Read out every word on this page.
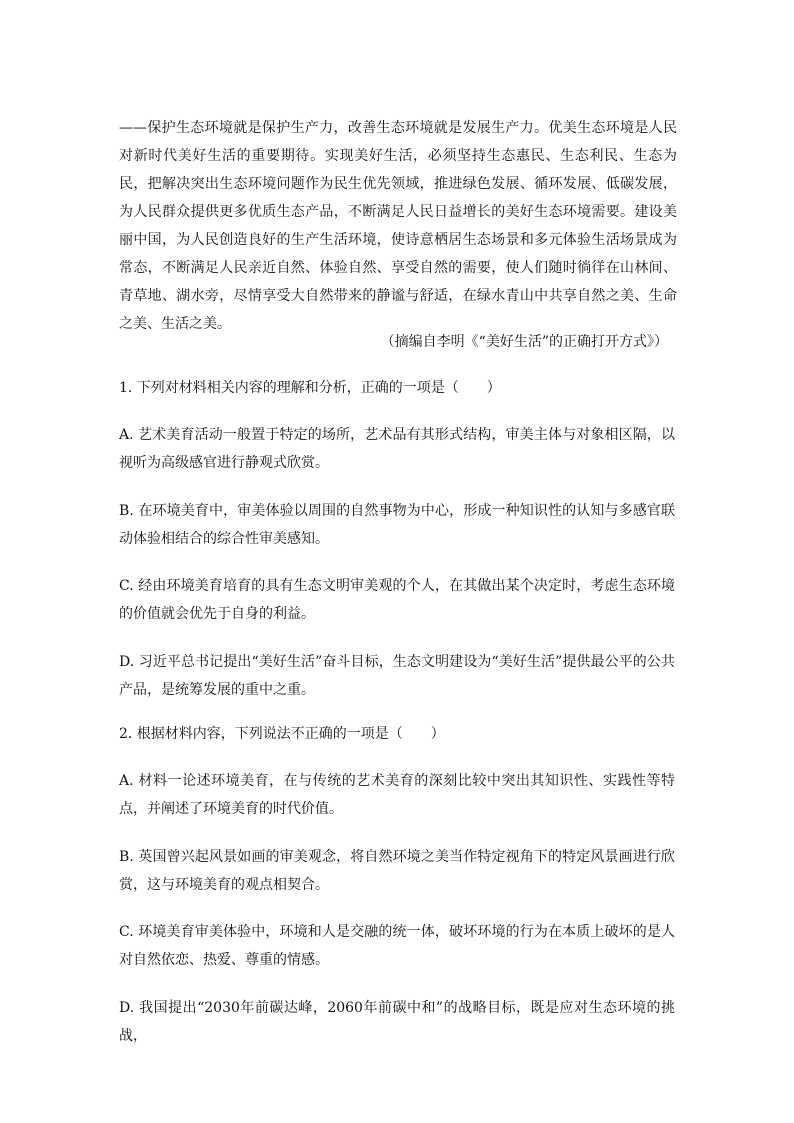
——保护生态环境就是保护生产力，改善生态环境就是发展生产力。优美生态环境是人民对新时代美好生活的重要期待。实现美好生活，必须坚持生态惠民、生态利民、生态为民，把解决突出生态环境问题作为民生优先领域，推进绿色发展、循环发展、低碳发展，为人民群众提供更多优质生态产品，不断满足人民日益增长的美好生态环境需要。建设美丽中国，为人民创造良好的生产生活环境，使诗意栖居生态场景和多元体验生活场景成为常态，不断满足人民亲近自然、体验自然、享受自然的需要，使人们随时徜徉在山林间、青草地、湖水旁，尽情享受大自然带来的静谧与舒适，在绿水青山中共享自然之美、生命之美、生活之美。
（摘编自李明《“美好生活”的正确打开方式》）
1. 下列对材料相关内容的理解和分析，正确的一项是（　　）
A. 艺术美育活动一般置于特定的场所，艺术品有其形式结构，审美主体与对象相区隔，以视听为高级感官进行静观式欣赏。
B. 在环境美育中，审美体验以周围的自然事物为中心，形成一种知识性的认知与多感官联动体验相结合的综合性审美感知。
C. 经由环境美育培育的具有生态文明审美观的个人，在其做出某个决定时，考虑生态环境的价值就会优先于自身的利益。
D. 习近平总书记提出“美好生活”奋斗目标，生态文明建设为“美好生活”提供最公平的公共产品，是统筹发展的重中之重。
2. 根据材料内容，下列说法不正确的一项是（　　）
A. 材料一论述环境美育，在与传统的艺术美育的深刻比较中突出其知识性、实践性等特点，并阐述了环境美育的时代价值。
B. 英国曾兴起风景如画的审美观念，将自然环境之美当作特定视角下的特定风景画进行欣赏，这与环境美育的观点相契合。
C. 环境美育审美体验中，环境和人是交融的统一体，破坏环境的行为在本质上破坏的是人对自然依恋、热爱、尊重的情感。
D. 我国提出“2030年前碳达峰，2060年前碳中和”的战略目标，既是应对生态环境的挑战，
